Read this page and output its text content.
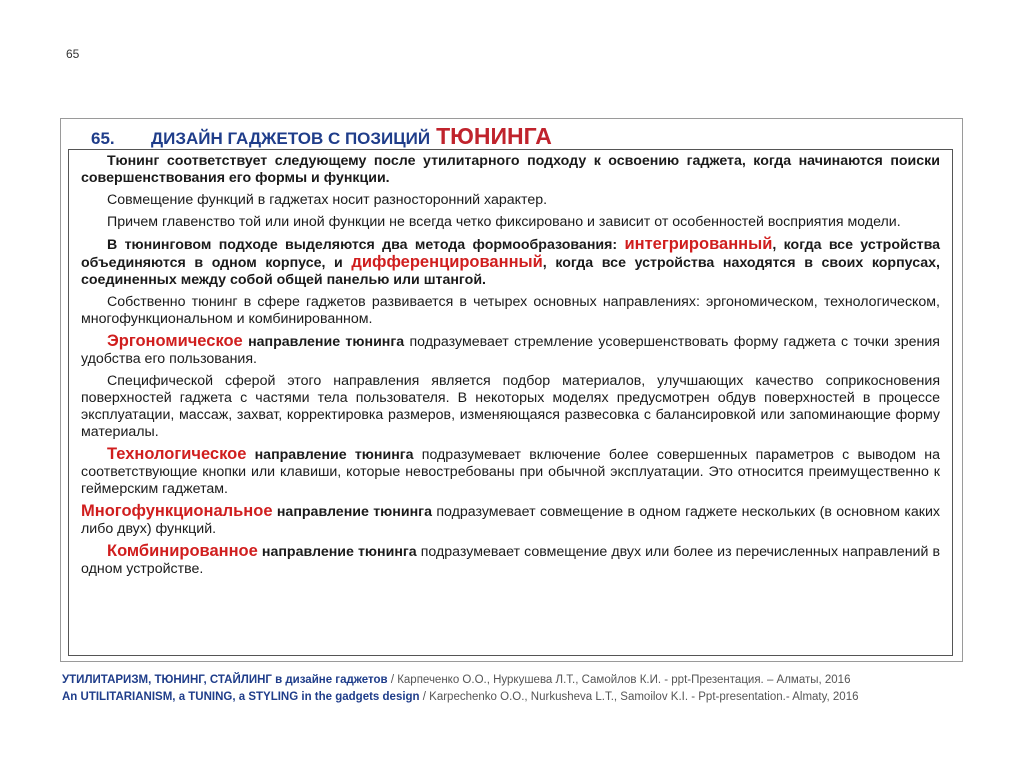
65
65.	ДИЗАЙН ГАДЖЕТОВ С ПОЗИЦИЙ ТЮНИНГА

Тюнинг соответствует следующему после утилитарного подходу к освоению гаджета, когда начинаются поиски совершенствования его формы и функции.

Совмещение функций в гаджетах носит разносторонний характер.

Причем главенство той или иной функции не всегда четко фиксировано и зависит от особенностей восприятия модели.

В тюнинговом подходе выделяются два метода формообразования: интегрированный, когда все устройства объединяются в одном корпусе, и дифференцированный, когда все устройства находятся в своих корпусах, соединенных между собой общей панелью или штангой.

Собственно тюнинг в сфере гаджетов развивается в четырех основных направлениях: эргономическом, технологическом, многофункциональном и комбинированном.

Эргономическое направление тюнинга подразумевает стремление усовершенствовать форму гаджета с точки зрения удобства его пользования.

Специфической сферой этого направления является подбор материалов, улучшающих качество соприкосновения поверхностей гаджета с частями тела пользователя. В некоторых моделях предусмотрен обдув поверхностей в процессе эксплуатации, массаж, захват, корректировка размеров, изменяющаяся развесовка с балансировкой или запоминающие форму материалы.

Технологическое направление тюнинга подразумевает включение более совершенных параметров с выводом на соответствующие кнопки или клавиши, которые невостребованы при обычной эксплуатации. Это относится преимущественно к геймерским гаджетам.

Многофункциональное направление тюнинга подразумевает совмещение в одном гаджете нескольких (в основном каких либо двух) функций.

Комбинированное направление тюнинга подразумевает совмещение двух или более из перечисленных направлений в одном устройстве.

УТИЛИТАРИЗМ, ТЮНИНГ, СТАЙЛИНГ в дизайне гаджетов / Карпеченко О.О., Нуркушева Л.Т., Самойлов К.И. - ppt-Презентация. – Алматы, 2016
An UTILITARIANISM, a TUNING, a STYLING in the gadgets design / Karpechenko O.O., Nurkusheva L.T., Samoilov K.I. - Ppt-presentation.- Almaty, 2016
